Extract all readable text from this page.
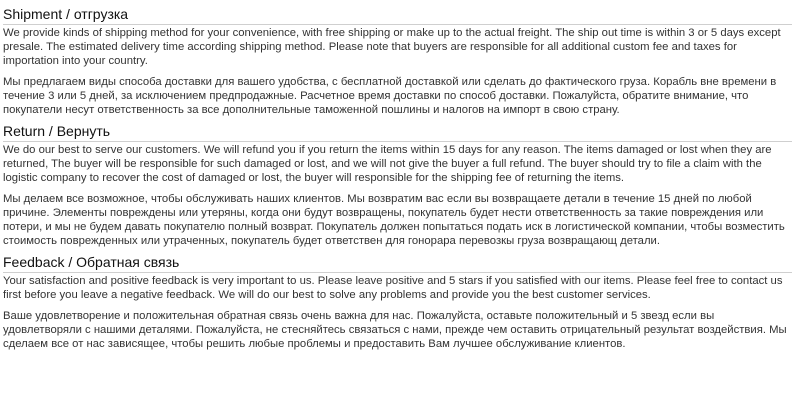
Shipment / отгрузка

We provide kinds of shipping method for your convenience, with free shipping or make up to the actual freight. The ship out time is within 3 or 5 days except presale. The estimated delivery time according shipping method. Please note that buyers are responsible for all additional custom fee and taxes for importation into your country.

Мы предлагаем виды способа доставки для вашего удобства, с бесплатной доставкой или сделать до фактического груза. Корабль вне времени в течение 3 или 5 дней, за исключением предпродажные. Расчетное время доставки по способ доставки. Пожалуйста, обратите внимание, что покупатели несут ответственность за все дополнительные таможенной пошлины и налогов на импорт в свою страну.

Return / Вернуть

We do our best to serve our customers. We will refund you if you return the items within 15 days for any reason. The items damaged or lost when they are returned, The buyer will be responsible for such damaged or lost, and we will not give the buyer a full refund. The buyer should try to file a claim with the logistic company to recover the cost of damaged or lost, the buyer will responsible for the shipping fee of returning the items.

Мы делаем все возможное, чтобы обслуживать наших клиентов. Мы возвратим вас если вы возвращаете детали в течение 15 дней по любой причине. Элементы повреждены или утеряны, когда они будут возвращены, покупатель будет нести ответственность за такие повреждения или потери, и мы не будем давать покупателю полный возврат. Покупатель должен попытаться подать иск в логистической компании, чтобы возместить стоимость поврежденных или утраченных, покупатель будет ответствен для гонорара перевозкы груза возвращающ детали.

Feedback / Обратная связь

Your satisfaction and positive feedback is very important to us. Please leave positive and 5 stars if you satisfied with our items. Please feel free to contact us first before you leave a negative feedback. We will do our best to solve any problems and provide you the best customer services.

Ваше удовлетворение и положительная обратная связь очень важна для нас. Пожалуйста, оставьте положительный и 5 звезд если вы удовлетворяли с нашими деталями. Пожалуйста, не стесняйтесь связаться с нами, прежде чем оставить отрицательный результат воздействия. Мы сделаем все от нас зависящее, чтобы решить любые проблемы и предоставить Вам лучшее обслуживание клиентов.
